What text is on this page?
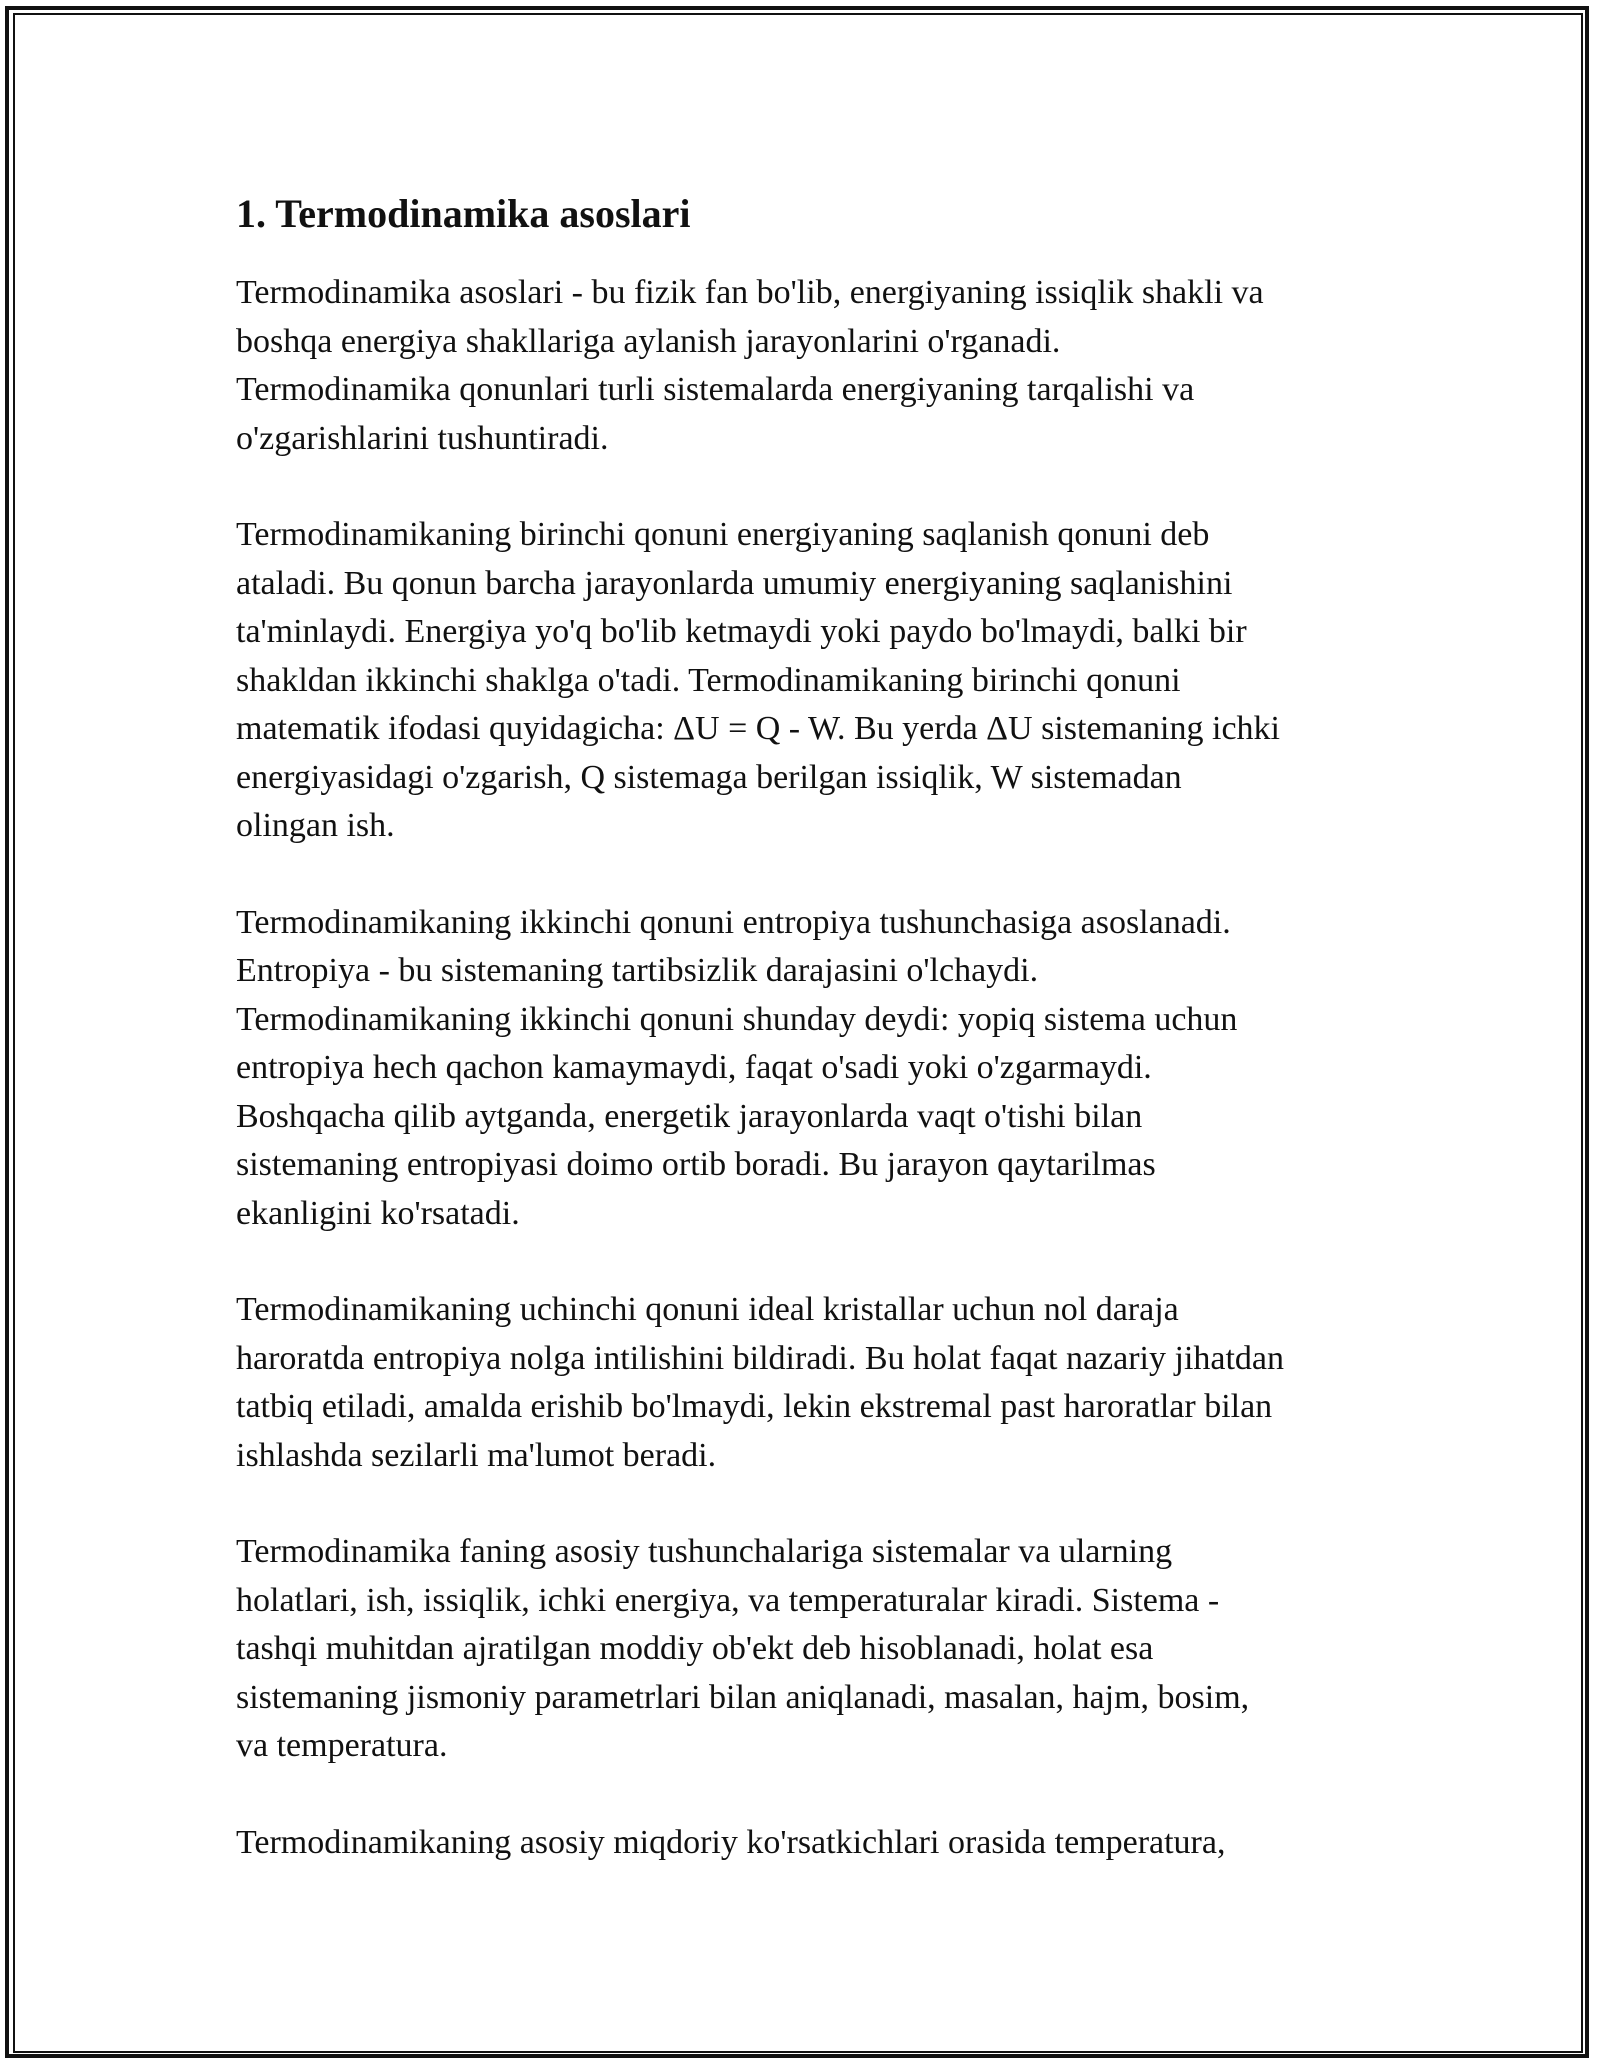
1. Termodinamika asoslari

Termodinamika asoslari - bu fizik fan bo'lib, energiyaning issiqlik shakli va
boshqa energiya shakllariga aylanish jarayonlarini o'rganadi.
Termodinamika qonunlari turli sistemalarda energiyaning tarqalishi va
o'zgarishlarini tushuntiradi.

Termodinamikaning birinchi qonuni energiyaning saqlanish qonuni deb
ataladi. Bu qonun barcha jarayonlarda umumiy energiyaning saqlanishini
ta'minlaydi. Energiya yo'q bo'lib ketmaydi yoki paydo bo'lmaydi, balki bir
shakldan ikkinchi shaklga o'tadi. Termodinamikaning birinchi qonuni
matematik ifodasi quyidagicha: ΔU = Q - W. Bu yerda ΔU sistemaning ichki
energiyasidagi o'zgarish, Q sistemaga berilgan issiqlik, W sistemadan
olingan ish.

Termodinamikaning ikkinchi qonuni entropiya tushunchasiga asoslanadi.
Entropiya - bu sistemaning tartibsizlik darajasini o'lchaydi.
Termodinamikaning ikkinchi qonuni shunday deydi: yopiq sistema uchun
entropiya hech qachon kamaymaydi, faqat o'sadi yoki o'zgarmaydi.
Boshqacha qilib aytganda, energetik jarayonlarda vaqt o'tishi bilan
sistemaning entropiyasi doimo ortib boradi. Bu jarayon qaytarilmas
ekanligini ko'rsatadi.

Termodinamikaning uchinchi qonuni ideal kristallar uchun nol daraja
haroratda entropiya nolga intilishini bildiradi. Bu holat faqat nazariy jihatdan
tatbiq etiladi, amalda erishib bo'lmaydi, lekin ekstremal past haroratlar bilan
ishlashda sezilarli ma'lumot beradi.

Termodinamika faning asosiy tushunchalariga sistemalar va ularning
holatlari, ish, issiqlik, ichki energiya, va temperaturalar kiradi. Sistema -
tashqi muhitdan ajratilgan moddiy ob'ekt deb hisoblanadi, holat esa
sistemaning jismoniy parametrlari bilan aniqlanadi, masalan, hajm, bosim,
va temperatura.

Termodinamikaning asosiy miqdoriy ko'rsatkichlari orasida temperatura,
